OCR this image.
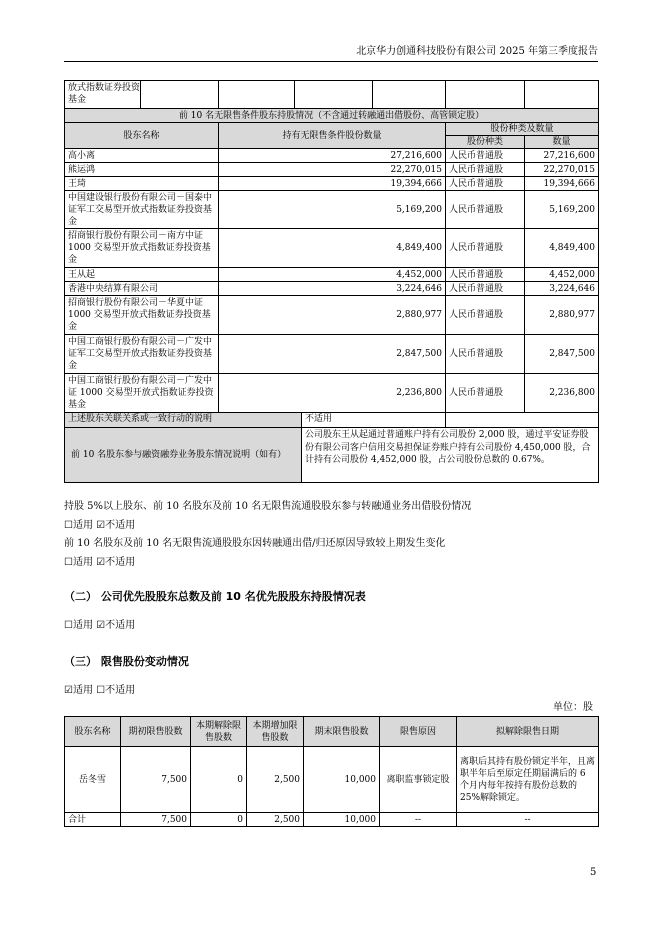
北京华力创通科技股份有限公司 2025 年第三季度报告
放式指数证券投资基金			

前 10 名无限售条件股东持股情况（不含通过转融通出借股份、高管锁定股）			
股东名称	持有无限售条件股份数量	股份种类及数量	
		股份种类	数量
高小离	27,216,600	人民币普通股	27,216,600
熊运鸿	22,270,015	人民币普通股	22,270,015
王琦	19,394,666	人民币普通股	19,394,666
中国建设银行股份有限公司－国泰中证军工交易型开放式指数证券投资基金	5,169,200	人民币普通股	5,169,200
招商银行股份有限公司－南方中证 1000 交易型开放式指数证券投资基金	4,849,400	人民币普通股	4,849,400
王从起	4,452,000	人民币普通股	4,452,000
香港中央结算有限公司	3,224,646	人民币普通股	3,224,646
招商银行股份有限公司－华夏中证 1000 交易型开放式指数证券投资基金	2,880,977	人民币普通股	2,880,977
中国工商银行股份有限公司－广发中证军工交易型开放式指数证券投资基金	2,847,500	人民币普通股	2,847,500
中国工商银行股份有限公司－广发中证 1000 交易型开放式指数证券投资基金	2,236,800	人民币普通股	2,236,800

上述股东关联关系或一致行动的说明 不适用			

前 10 名股东参与融资融券业务股东情况说明（如有）
公司股东王从起通过普通账户持有公司股份 2,000 股，通过平安证券股份有限公司客户信用交易担保证券账户持有公司股份 4,450,000 股，合计持有公司股份 4,452,000 股，占公司股份总数的 0.67%。			
持股 5%以上股东、前 10 名股东及前 10 名无限售流通股股东参与转融通业务出借股份情况
☐适用 ☑不适用
前 10 名股东及前 10 名无限售流通股股东因转融通出借/归还原因导致较上期发生变化
☐适用 ☑不适用
（二） 公司优先股股东总数及前 10 名优先股股东持股情况表
☐适用 ☑不适用
（三） 限售股份变动情况
☑适用 ☐不适用
单位：股
股东名称	期初限售股数	本期解除限售股数	本期增加限售股数	期末限售股数	限售原因	拟解除限售日期
岳冬雪	7,500	0	2,500	10,000	离职监事锁定股	离职后其持有股份锁定半年，且离职半年后至原定任期届满后的 6 个月内每年按持有股份总数的 25%解除锁定。
合计	7,500	0	2,500	10,000	--	--
5
